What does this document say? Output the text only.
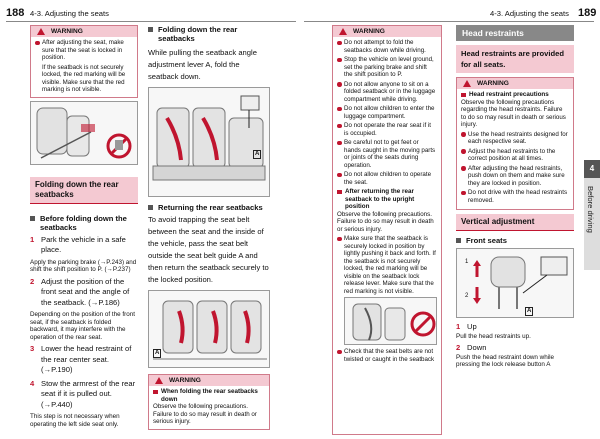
188 4-3. Adjusting the seats	4-3. Adjusting the seats 189
WARNING
After adjusting the seat, make sure that the seat is locked in position.
If the seatback is not securely locked, the red marking will be visible. Make sure that the red marking is not visible.
Folding down the rear seatbacks
Before folding down the seatbacks
1 Park the vehicle in a safe place.
Apply the parking brake (→P.243) and shift the shift position to P. (→P.237)
2 Adjust the position of the front seat and the angle of the seatback. (→P.186)
Depending on the position of the front seat, if the seatback is folded backward, it may interfere with the operation of the rear seat.
3 Lower the head restraint of the rear center seat. (→P.190)
4 Stow the armrest of the rear seat if it is pulled out. (→P.440)
This step is not necessary when operating the left side seat only.
Folding down the rear seatbacks
While pulling the seatback angle adjustment lever A, fold the seatback down.
A
Returning the rear seatbacks
To avoid trapping the seat belt between the seat and the inside of the vehicle, pass the seat belt outside the seat belt guide A and then return the seatback securely to the locked position.
A
WARNING
When folding the rear seatbacks down
Observe the following precautions. Failure to do so may result in death or serious injury.
WARNING
Do not attempt to fold the seatbacks down while driving.
Stop the vehicle on level ground, set the parking brake and shift the shift position to P.
Do not allow anyone to sit on a folded seatback or in the luggage compartment while driving.
Do not allow children to enter the luggage compartment.
Do not operate the rear seat if it is occupied.
Be careful not to get feet or hands caught in the moving parts or joints of the seats during operation.
Do not allow children to operate the seat.
After returning the rear seatback to the upright position
Observe the following precautions. Failure to do so may result in death or serious injury.
Make sure that the seatback is securely locked in position by lightly pushing it back and forth. If the seatback is not securely locked, the red marking will be visible on the seatback lock release lever. Make sure that the red marking is not visible.
Check that the seat belts are not twisted or caught in the seatback
Head restraints
Head restraints are provided for all seats.
WARNING
Head restraint precautions
Observe the following precautions regarding the head restraints. Failure to do so may result in death or serious injury.
Use the head restraints designed for each respective seat.
Adjust the head restraints to the correct position at all times.
After adjusting the head restraints, push down on them and make sure they are locked in position.
Do not drive with the head restraints removed.
Vertical adjustment
Front seats
1
2
A
1 Up
Pull the head restraints up.
2 Down
Push the head restraint down while pressing the lock release button A
4
Before driving
